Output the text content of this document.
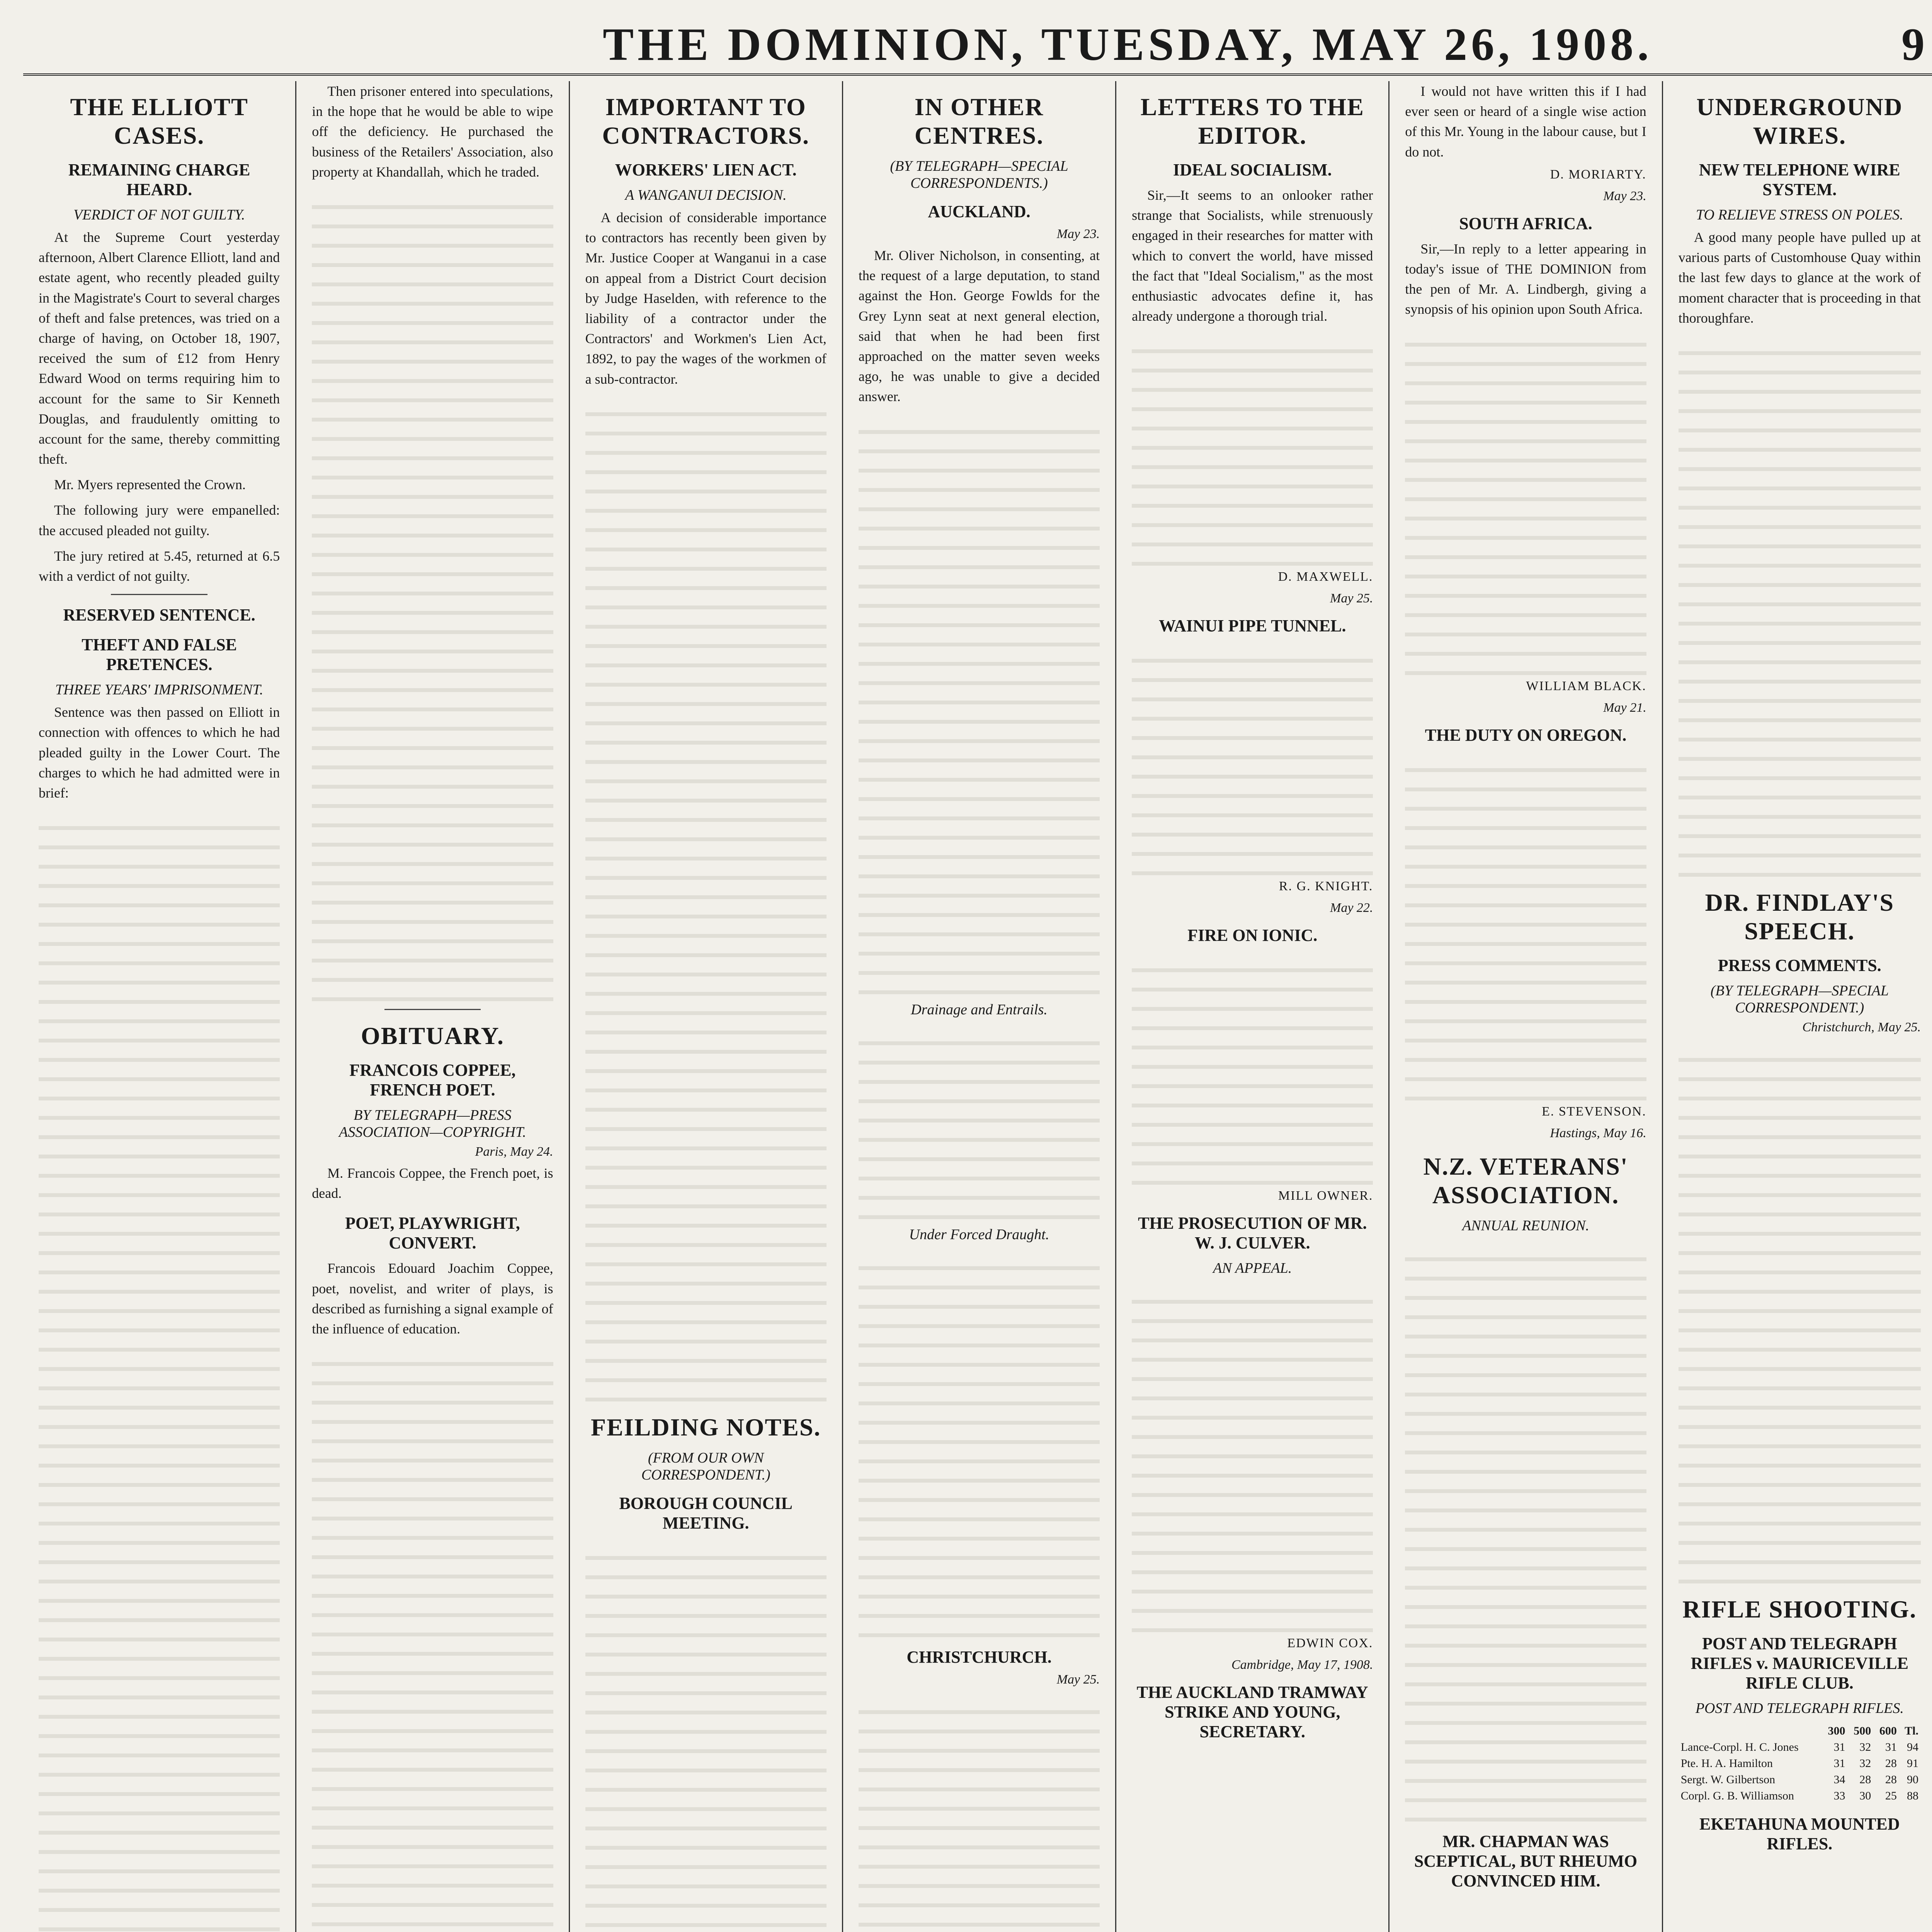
THE DOMINION, TUESDAY, MAY 26, 1908.	9
THE ELLIOTT CASES.
REMAINING CHARGE HEARD.
VERDICT OF NOT GUILTY.

At the Supreme Court yesterday afternoon, Albert Clarence Elliott, land and estate agent, who recently pleaded guilty in the Magistrate's Court to several charges of theft and false pretences, was tried on a charge of having, on October 18, 1907, received the sum of £12 from Henry Edward Wood on terms requiring him to account for the same to Sir Kenneth Douglas, and fraudulently omitting to account for the same, thereby committing theft.

Mr. Myers represented the Crown.

The following jury were empanelled: the accused pleaded not guilty.

The jury retired at 5.45, returned at 6.5 with a verdict of not guilty.

RESERVED SENTENCE.
THEFT AND FALSE PRETENCES.
THREE YEARS' IMPRISONMENT.

Sentence was then passed on Elliott in connection with offences to which he had pleaded guilty in the Lower Court. The charges to which he had admitted were in brief:

Then prisoner entered into speculations, in the hope that he would be able to wipe off the deficiency. He purchased the business of the Retailers' Association, also property at Khandallah, which he traded.

OBITUARY.
FRANCOIS COPPEE, FRENCH POET.
BY TELEGRAPH—PRESS ASSOCIATION—COPYRIGHT.
Paris, May 24.

M. Francois Coppee, the French poet, is dead.

POET, PLAYWRIGHT, CONVERT.

Francois Edouard Joachim Coppee, poet, novelist, and writer of plays, is described as furnishing a signal example of the influence of education.

IMPORTANT TO CONTRACTORS.
WORKERS' LIEN ACT.
A WANGANUI DECISION.

A decision of considerable importance to contractors has recently been given by Mr. Justice Cooper at Wanganui in a case on appeal from a District Court decision by Judge Haselden, with reference to the liability of a contractor under the Contractors' and Workmen's Lien Act, 1892, to pay the wages of the workmen of a sub-contractor.

FEILDING NOTES.
(FROM OUR OWN CORRESPONDENT.)
BOROUGH COUNCIL MEETING.
IN OTHER CENTRES.
(BY TELEGRAPH—SPECIAL CORRESPONDENTS.)
AUCKLAND.
May 23.

Mr. Oliver Nicholson, in consenting, at the request of a large deputation, to stand against the Hon. George Fowlds for the Grey Lynn seat at next general election, said that when he had been first approached on the matter seven weeks ago, he was unable to give a decided answer.

Drainage and Entrails.
Under Forced Draught.
CHRISTCHURCH.
May 25.
LETTERS TO THE EDITOR.
IDEAL SOCIALISM.

Sir,—It seems to an onlooker rather strange that Socialists, while strenuously engaged in their researches for matter with which to convert the world, have missed the fact that "Ideal Socialism," as the most enthusiastic advocates define it, has already undergone a thorough trial.

D. MAXWELL.
May 25.
WAINUI PIPE TUNNEL.
R. G. KNIGHT.
May 22.
FIRE ON IONIC.
MILL OWNER.
THE PROSECUTION OF MR. W. J. CULVER.
AN APPEAL.
EDWIN COX.
Cambridge, May 17, 1908.
THE AUCKLAND TRAMWAY STRIKE AND YOUNG, SECRETARY.

I would not have written this if I had ever seen or heard of a single wise action of this Mr. Young in the labour cause, but I do not.

D. MORIARTY.
May 23.
SOUTH AFRICA.

Sir,—In reply to a letter appearing in today's issue of THE DOMINION from the pen of Mr. A. Lindbergh, giving a synopsis of his opinion upon South Africa.

WILLIAM BLACK.
May 21.
THE DUTY ON OREGON.
E. STEVENSON.
Hastings, May 16.
N.Z. VETERANS' ASSOCIATION.
ANNUAL REUNION.
MR. CHAPMAN WAS SCEPTICAL, BUT RHEUMO CONVINCED HIM.
UNDERGROUND WIRES.
NEW TELEPHONE WIRE SYSTEM.
TO RELIEVE STRESS ON POLES.

A good many people have pulled up at various parts of Customhouse Quay within the last few days to glance at the work of moment character that is proceeding in that thoroughfare.

DR. FINDLAY'S SPEECH.
PRESS COMMENTS.
(BY TELEGRAPH—SPECIAL CORRESPONDENT.)
Christchurch, May 25.
RIFLE SHOOTING.
POST AND TELEGRAPH RIFLES v. MAURICEVILLE RIFLE CLUB.
POST AND TELEGRAPH RIFLES.
	300	500	600	Tl.
Lance-Corpl. H. C. Jones	31	32	31	94
Pte. H. A. Hamilton	31	32	28	91
Sergt. W. Gilbertson	34	28	28	90
Corpl. G. B. Williamson	33	30	25	88
EKETAHUNA MOUNTED RIFLES.
